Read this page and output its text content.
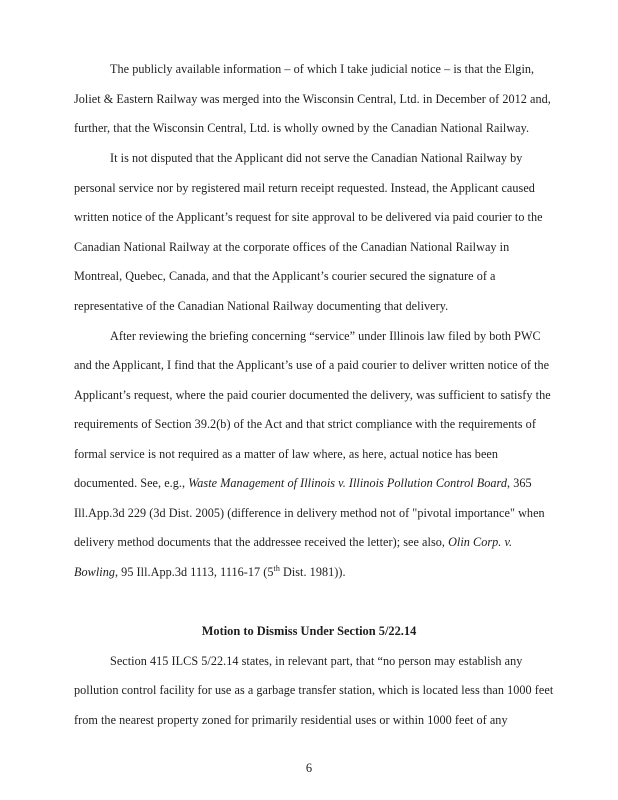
The publicly available information – of which I take judicial notice – is that the Elgin,
Joliet & Eastern Railway was merged into the Wisconsin Central, Ltd. in December of 2012 and,
further, that the Wisconsin Central, Ltd. is wholly owned by the Canadian National Railway.
It is not disputed that the Applicant did not serve the Canadian National Railway by
personal service nor by registered mail return receipt requested. Instead, the Applicant caused
written notice of the Applicant’s request for site approval to be delivered via paid courier to the
Canadian National Railway at the corporate offices of the Canadian National Railway in
Montreal, Quebec, Canada, and that the Applicant’s courier secured the signature of a
representative of the Canadian National Railway documenting that delivery.
After reviewing the briefing concerning “service” under Illinois law filed by both PWC
and the Applicant, I find that the Applicant’s use of a paid courier to deliver written notice of the
Applicant’s request, where the paid courier documented the delivery, was sufficient to satisfy the
requirements of Section 39.2(b) of the Act and that strict compliance with the requirements of
formal service is not required as a matter of law where, as here, actual notice has been
documented. See, e.g., Waste Management of Illinois v. Illinois Pollution Control Board, 365
Ill.App.3d 229 (3d Dist. 2005) (difference in delivery method not of "pivotal importance" when
delivery method documents that the addressee received the letter); see also, Olin Corp. v.
Bowling, 95 Ill.App.3d 1113, 1116-17 (5th Dist. 1981)).
Motion to Dismiss Under Section 5/22.14
Section 415 ILCS 5/22.14 states, in relevant part, that “no person may establish any
pollution control facility for use as a garbage transfer station, which is located less than 1000 feet
from the nearest property zoned for primarily residential uses or within 1000 feet of any
6
